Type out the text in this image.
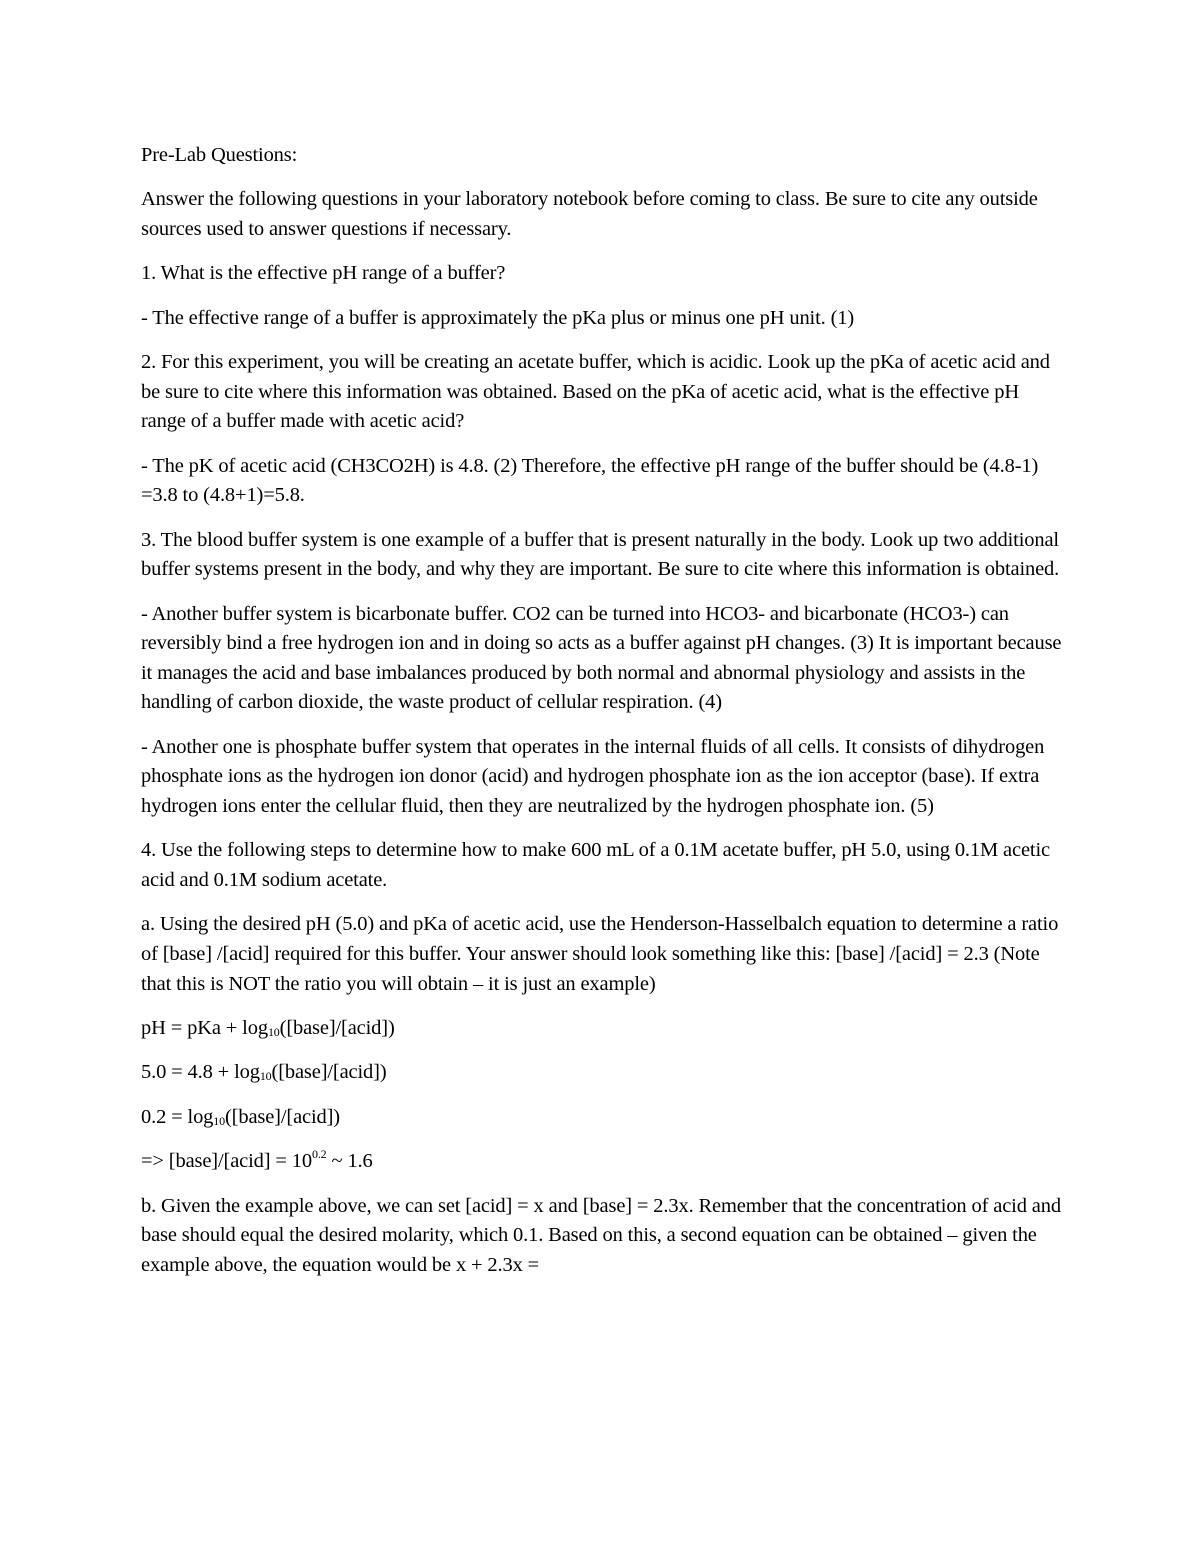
Pre-Lab Questions:

Answer the following questions in your laboratory notebook before coming to class. Be sure to cite any outside sources used to answer questions if necessary.

1. What is the effective pH range of a buffer?

- The effective range of a buffer is approximately the pKa plus or minus one pH unit. (1)

2. For this experiment, you will be creating an acetate buffer, which is acidic. Look up the pKa of acetic acid and be sure to cite where this information was obtained. Based on the pKa of acetic acid, what is the effective pH range of a buffer made with acetic acid?

- The pK of acetic acid (CH3CO2H) is 4.8. (2) Therefore, the effective pH range of the buffer should be (4.8-1) =3.8 to (4.8+1)=5.8.

3. The blood buffer system is one example of a buffer that is present naturally in the body. Look up two additional buffer systems present in the body, and why they are important. Be sure to cite where this information is obtained.

- Another buffer system is bicarbonate buffer. CO2 can be turned into HCO3- and bicarbonate (HCO3-) can reversibly bind a free hydrogen ion and in doing so acts as a buffer against pH changes. (3) It is important because it manages the acid and base imbalances produced by both normal and abnormal physiology and assists in the handling of carbon dioxide, the waste product of cellular respiration. (4)

- Another one is phosphate buffer system that operates in the internal fluids of all cells. It consists of dihydrogen phosphate ions as the hydrogen ion donor (acid) and hydrogen phosphate ion as the ion acceptor (base). If extra hydrogen ions enter the cellular fluid, then they are neutralized by the hydrogen phosphate ion. (5)

4. Use the following steps to determine how to make 600 mL of a 0.1M acetate buffer, pH 5.0, using 0.1M acetic acid and 0.1M sodium acetate.

a. Using the desired pH (5.0) and pKa of acetic acid, use the Henderson-Hasselbalch equation to determine a ratio of [base] /[acid] required for this buffer. Your answer should look something like this: [base] /[acid] = 2.3 (Note that this is NOT the ratio you will obtain – it is just an example)

pH = pKa + $\log_{10}([base]/[acid])$

$5.0 = 4.8 + \log_{10}([base]/[acid])$

$0.2 = \log_{10}([base]/[acid])$

=> [base]/[acid] = $10^{0.2}$ ~ 1.6

b. Given the example above, we can set [acid] = x and [base] = 2.3x. Remember that the concentration of acid and base should equal the desired molarity, which 0.1. Based on this, a second equation can be obtained – given the example above, the equation would be x + 2.3x =
